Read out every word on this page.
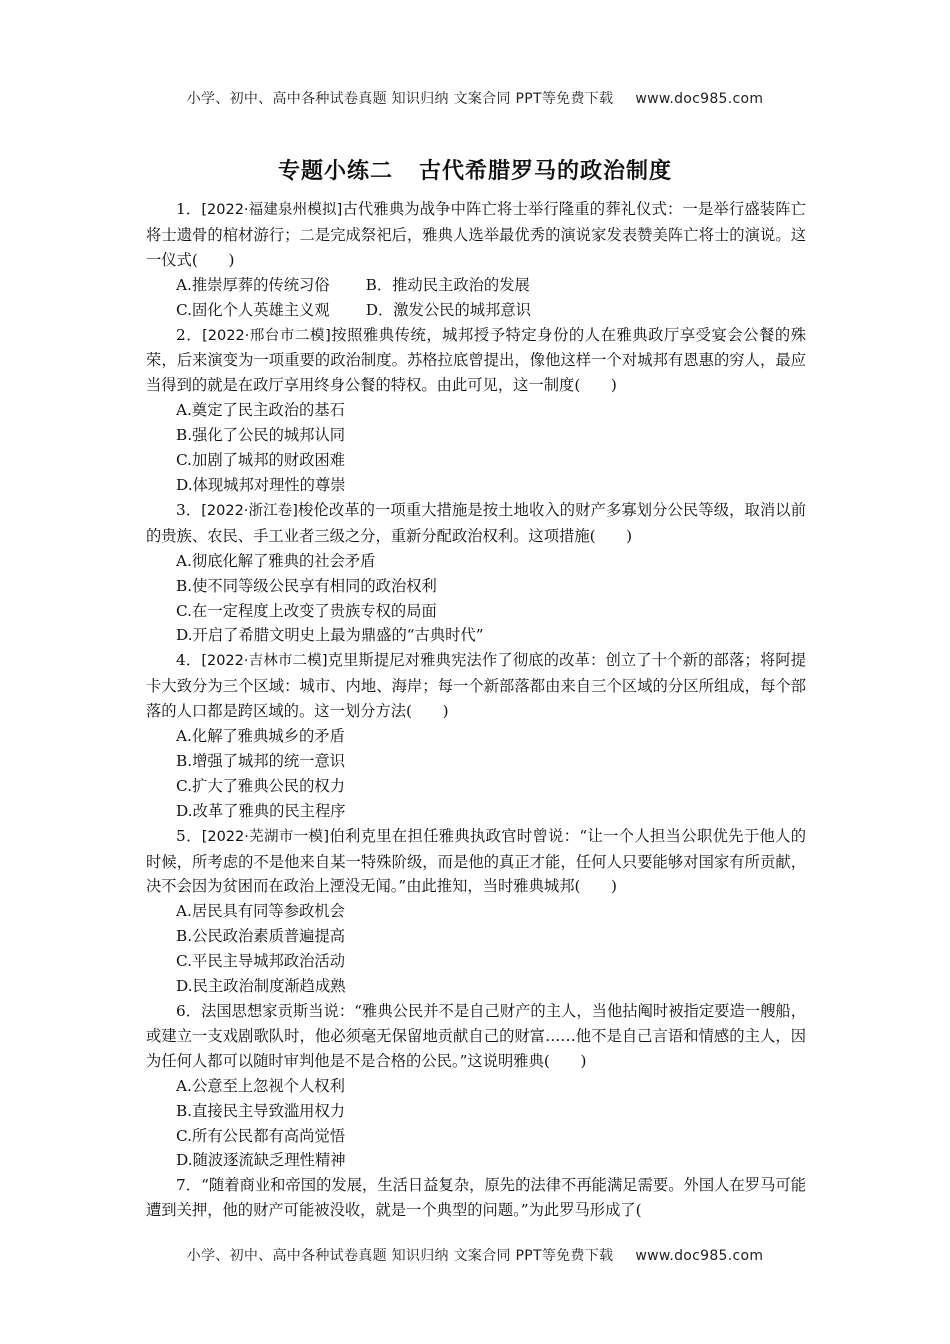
小学、初中、高中各种试卷真题 知识归纳 文案合同 PPT等免费下载 www.doc985.com
专题小练二 古代希腊罗马的政治制度

1．[2022·福建泉州模拟]古代雅典为战争中阵亡将士举行隆重的葬礼仪式：一是举行盛装阵亡将士遗骨的棺材游行；二是完成祭祀后，雅典人选举最优秀的演说家发表赞美阵亡将士的演说。这一仪式(　　)

A.推崇厚葬的传统习俗 B．推动民主政治的发展
C.固化个人英雄主义观 D．激发公民的城邦意识

2．[2022·邢台市二模]按照雅典传统，城邦授予特定身份的人在雅典政厅享受宴会公餐的殊荣，后来演变为一项重要的政治制度。苏格拉底曾提出，像他这样一个对城邦有恩惠的穷人，最应当得到的就是在政厅享用终身公餐的特权。由此可见，这一制度(　　)

A.奠定了民主政治的基石
B.强化了公民的城邦认同
C.加剧了城邦的财政困难
D.体现城邦对理性的尊崇

3．[2022·浙江卷]梭伦改革的一项重大措施是按土地收入的财产多寡划分公民等级，取消以前的贵族、农民、手工业者三级之分，重新分配政治权利。这项措施(　　)

A.彻底化解了雅典的社会矛盾
B.使不同等级公民享有相同的政治权利
C.在一定程度上改变了贵族专权的局面
D.开启了希腊文明史上最为鼎盛的“古典时代”

4．[2022·吉林市二模]克里斯提尼对雅典宪法作了彻底的改革：创立了十个新的部落；将阿提卡大致分为三个区域：城市、内地、海岸；每一个新部落都由来自三个区域的分区所组成，每个部落的人口都是跨区域的。这一划分方法(　　)

A.化解了雅典城乡的矛盾
B.增强了城邦的统一意识
C.扩大了雅典公民的权力
D.改革了雅典的民主程序

5．[2022·芜湖市一模]伯利克里在担任雅典执政官时曾说：“让一个人担当公职优先于他人的时候，所考虑的不是他来自某一特殊阶级，而是他的真正才能，任何人只要能够对国家有所贡献，决不会因为贫困而在政治上湮没无闻。”由此推知，当时雅典城邦(　　)

A.居民具有同等参政机会
B.公民政治素质普遍提高
C.平民主导城邦政治活动
D.民主政治制度渐趋成熟

6．法国思想家贡斯当说：“雅典公民并不是自己财产的主人，当他拈阄时被指定要造一艘船，或建立一支戏剧歌队时，他必须毫无保留地贡献自己的财富……他不是自己言语和情感的主人，因为任何人都可以随时审判他是不是合格的公民。”这说明雅典(　　)

A.公意至上忽视个人权利
B.直接民主导致滥用权力
C.所有公民都有高尚觉悟
D.随波逐流缺乏理性精神

7．“随着商业和帝国的发展，生活日益复杂，原先的法律不再能满足需要。外国人在罗马可能遭到关押，他的财产可能被没收，就是一个典型的问题。”为此罗马形成了(

小学、初中、高中各种试卷真题 知识归纳 文案合同 PPT等免费下载 www.doc985.com
